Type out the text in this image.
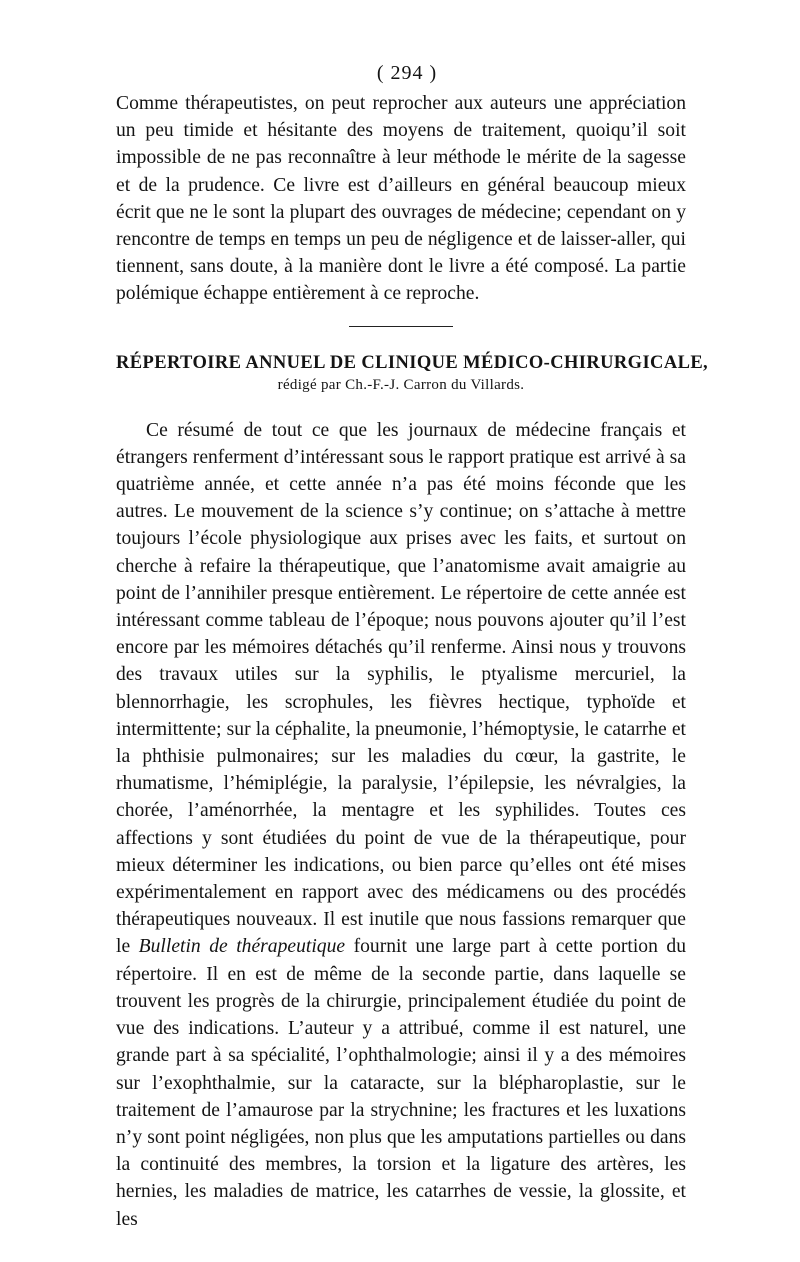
( 294 )

Comme thérapeutistes, on peut reprocher aux auteurs une appréciation un peu timide et hésitante des moyens de traitement, quoiqu’il soit impossible de ne pas reconnaître à leur méthode le mérite de la sagesse et de la prudence. Ce livre est d’ailleurs en général beaucoup mieux écrit que ne le sont la plupart des ouvrages de médecine; cependant on y rencontre de temps en temps un peu de négligence et de laisser-aller, qui tiennent, sans doute, à la manière dont le livre a été composé. La partie polémique échappe entièrement à ce reproche.

RÉPERTOIRE ANNUEL DE CLINIQUE MÉDICO-CHIRURGICALE,
rédigé par Ch.-F.-J. Carron du Villards.

Ce résumé de tout ce que les journaux de médecine français et étrangers renferment d’intéressant sous le rapport pratique est arrivé à sa quatrième année, et cette année n’a pas été moins féconde que les autres. Le mouvement de la science s’y continue; on s’attache à mettre toujours l’école physiologique aux prises avec les faits, et surtout on cherche à refaire la thérapeutique, que l’anatomisme avait amaigrie au point de l’annihiler presque entièrement. Le répertoire de cette année est intéressant comme tableau de l’époque; nous pouvons ajouter qu’il l’est encore par les mémoires détachés qu’il renferme. Ainsi nous y trouvons des travaux utiles sur la syphilis, le ptyalisme mercuriel, la blennorrhagie, les scrophules, les fièvres hectique, typhoïde et intermittente; sur la céphalite, la pneumonie, l’hémoptysie, le catarrhe et la phthisie pulmonaires; sur les maladies du cœur, la gastrite, le rhumatisme, l’hémiplégie, la paralysie, l’épilepsie, les névralgies, la chorée, l’aménorrhée, la mentagre et les syphilides. Toutes ces affections y sont étudiées du point de vue de la thérapeutique, pour mieux déterminer les indications, ou bien parce qu’elles ont été mises expérimentalement en rapport avec des médicamens ou des procédés thérapeutiques nouveaux. Il est inutile que nous fassions remarquer que le Bulletin de thérapeutique fournit une large part à cette portion du répertoire. Il en est de même de la seconde partie, dans laquelle se trouvent les progrès de la chirurgie, principalement étudiée du point de vue des indications. L’auteur y a attribué, comme il est naturel, une grande part à sa spécialité, l’ophthalmologie; ainsi il y a des mémoires sur l’exophthalmie, sur la cataracte, sur la blépharoplastie, sur le traitement de l’amaurose par la strychnine; les fractures et les luxations n’y sont point négligées, non plus que les amputations partielles ou dans la continuité des membres, la torsion et la ligature des artères, les hernies, les maladies de matrice, les catarrhes de vessie, la glossite, et les
